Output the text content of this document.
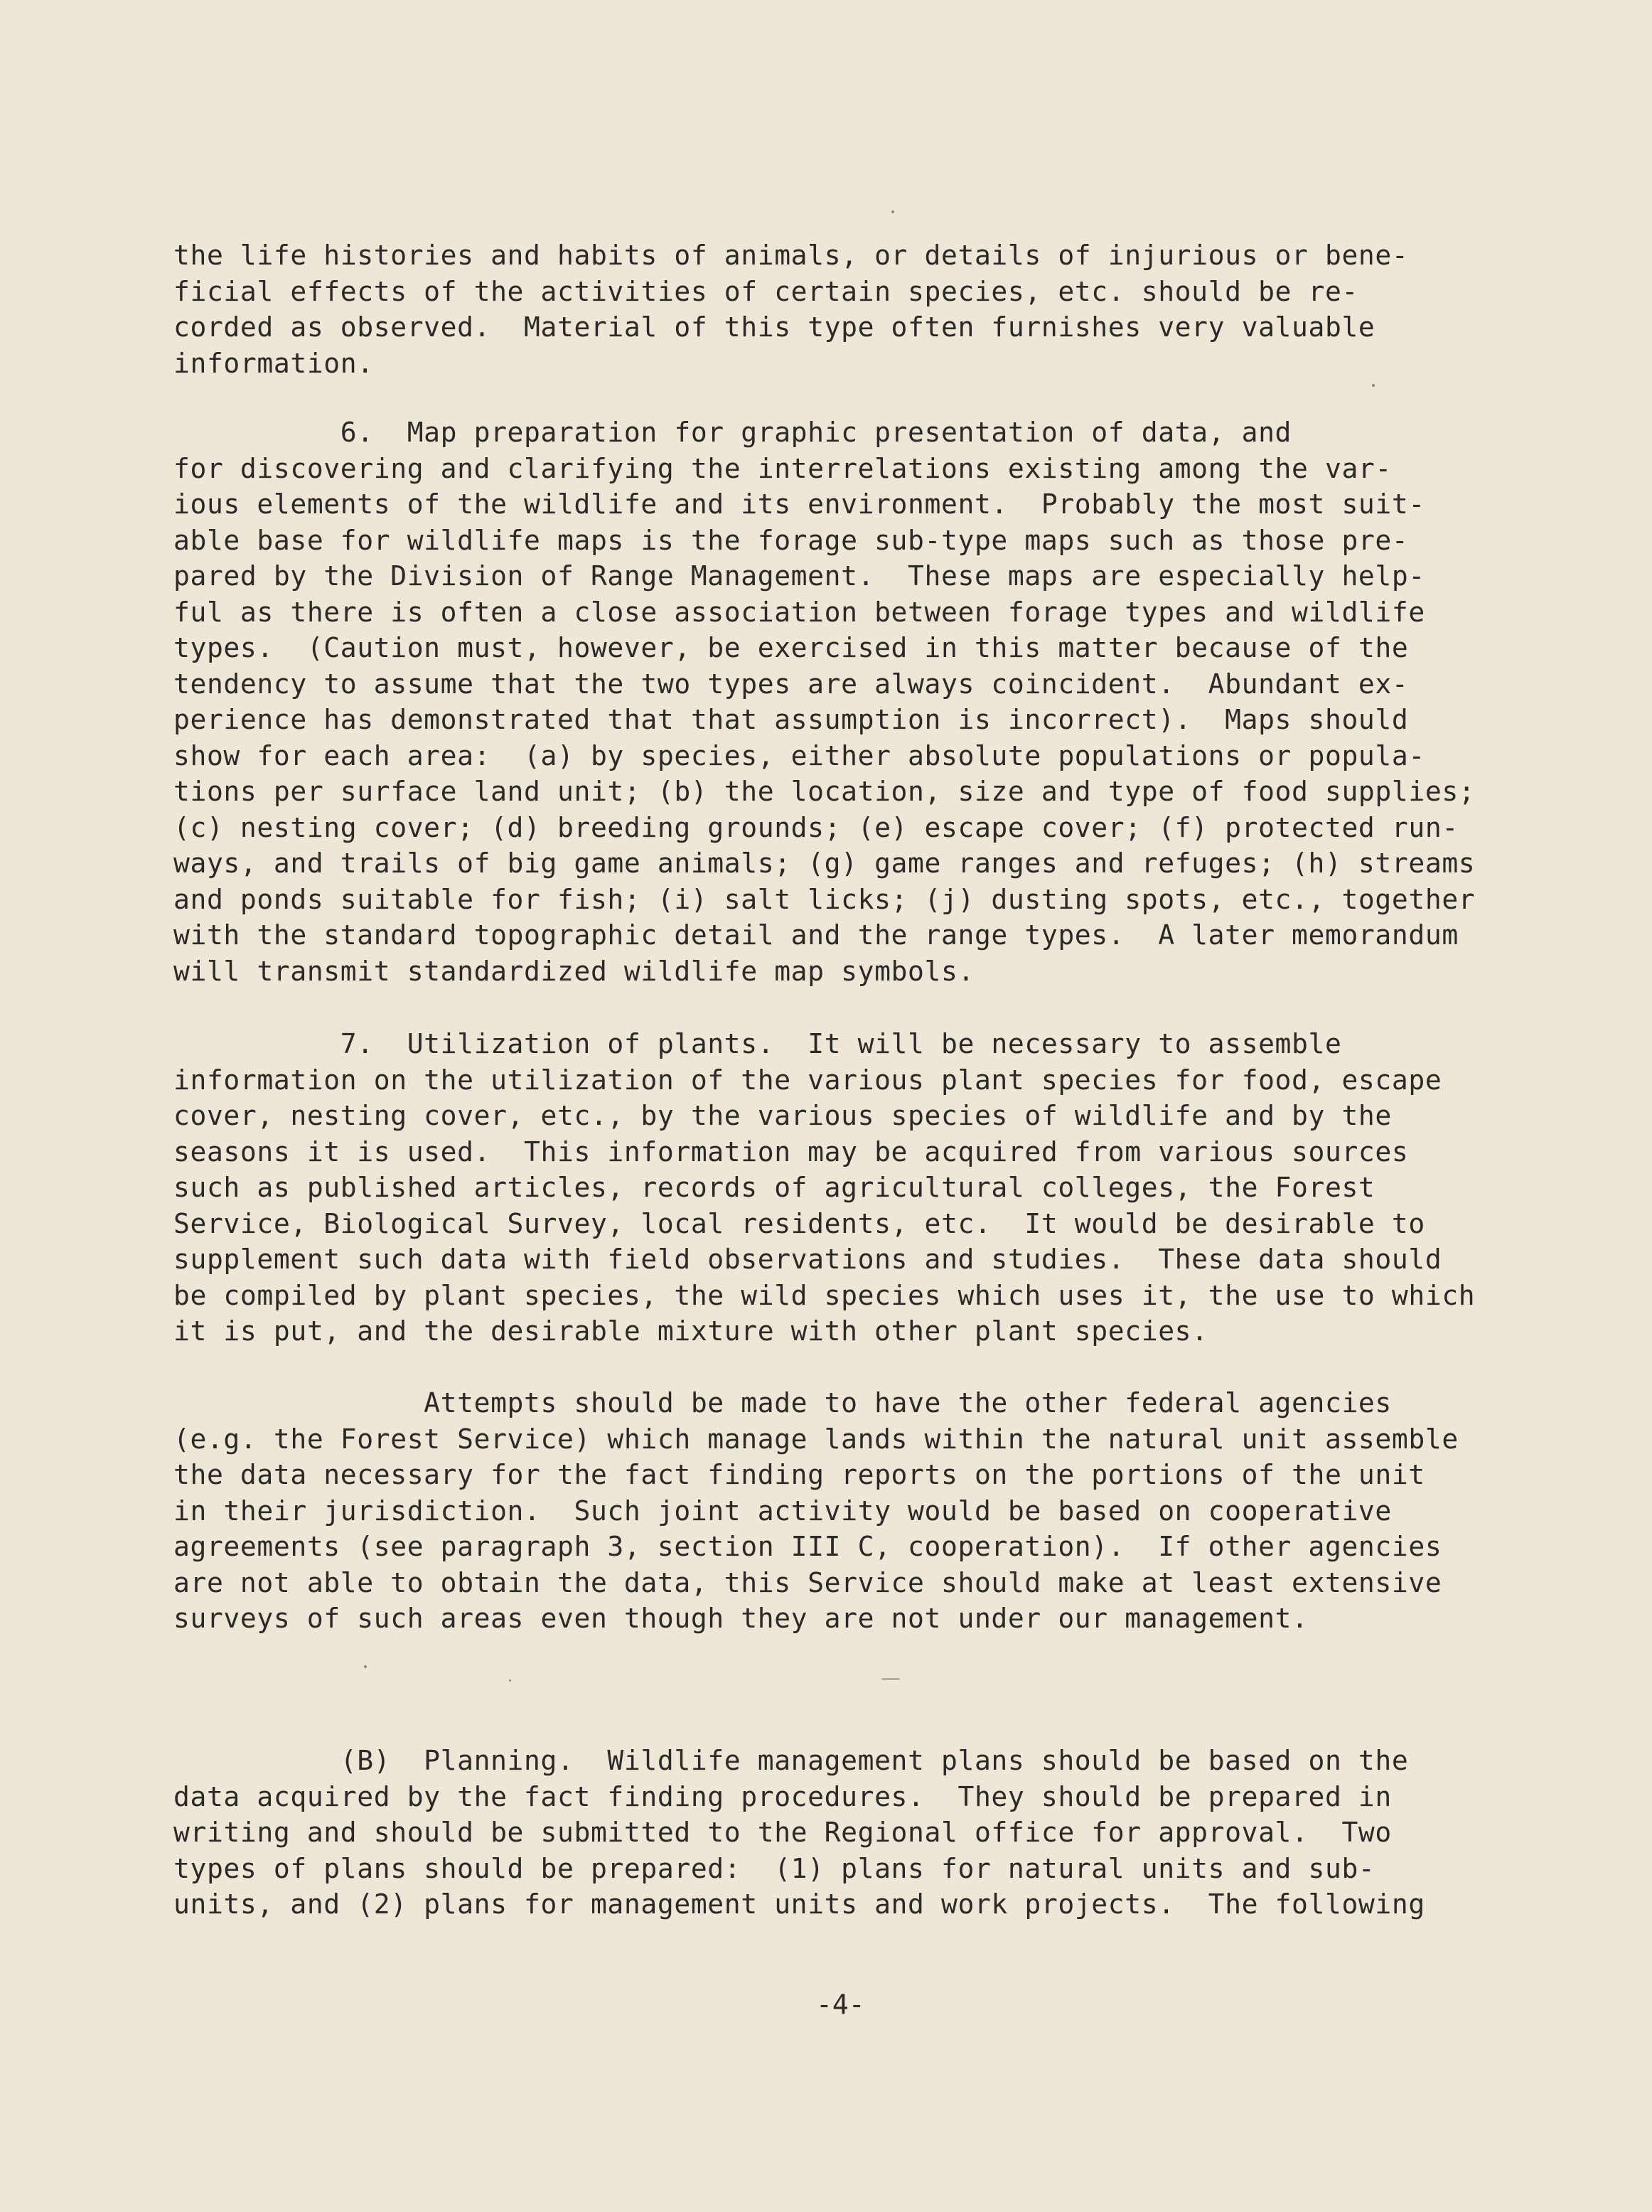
the life histories and habits of animals, or details of injurious or bene-
ficial effects of the activities of certain species, etc. should be re-
corded as observed.  Material of this type often furnishes very valuable
information.
6.  Map preparation for graphic presentation of data, and
for discovering and clarifying the interrelations existing among the var-
ious elements of the wildlife and its environment.  Probably the most suit-
able base for wildlife maps is the forage sub-type maps such as those pre-
pared by the Division of Range Management.  These maps are especially help-
ful as there is often a close association between forage types and wildlife
types.  (Caution must, however, be exercised in this matter because of the
tendency to assume that the two types are always coincident.  Abundant ex-
perience has demonstrated that that assumption is incorrect).  Maps should
show for each area:  (a) by species, either absolute populations or popula-
tions per surface land unit; (b) the location, size and type of food supplies;
(c) nesting cover; (d) breeding grounds; (e) escape cover; (f) protected run-
ways, and trails of big game animals; (g) game ranges and refuges; (h) streams
and ponds suitable for fish; (i) salt licks; (j) dusting spots, etc., together
with the standard topographic detail and the range types.  A later memorandum
will transmit standardized wildlife map symbols.
7.  Utilization of plants.  It will be necessary to assemble
information on the utilization of the various plant species for food, escape
cover, nesting cover, etc., by the various species of wildlife and by the
seasons it is used.  This information may be acquired from various sources
such as published articles, records of agricultural colleges, the Forest
Service, Biological Survey, local residents, etc.  It would be desirable to
supplement such data with field observations and studies.  These data should
be compiled by plant species, the wild species which uses it, the use to which
it is put, and the desirable mixture with other plant species.
Attempts should be made to have the other federal agencies
(e.g. the Forest Service) which manage lands within the natural unit assemble
the data necessary for the fact finding reports on the portions of the unit
in their jurisdiction.  Such joint activity would be based on cooperative
agreements (see paragraph 3, section III C, cooperation).  If other agencies
are not able to obtain the data, this Service should make at least extensive
surveys of such areas even though they are not under our management.
(B)  Planning.  Wildlife management plans should be based on the
data acquired by the fact finding procedures.  They should be prepared in
writing and should be submitted to the Regional office for approval.  Two
types of plans should be prepared:  (1) plans for natural units and sub-
units, and (2) plans for management units and work projects.  The following
-4-
